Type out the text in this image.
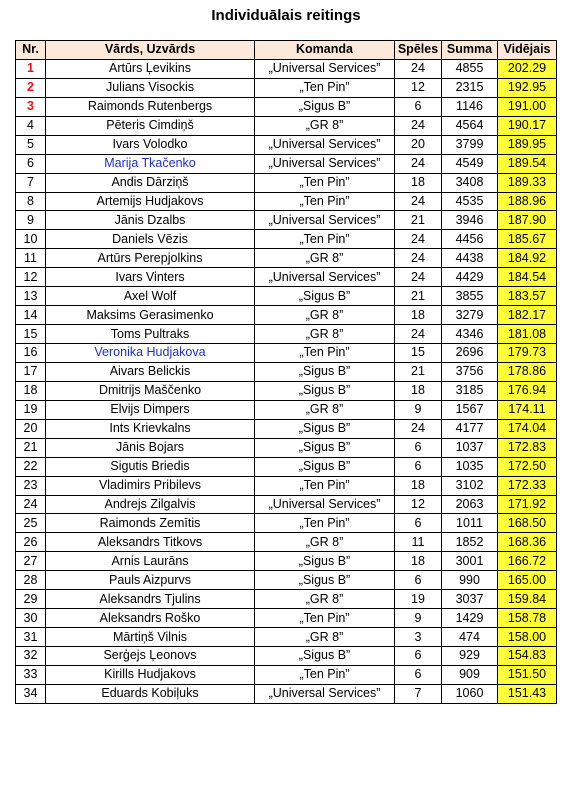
Individuālais reitings
Nr.	Vārds, Uzvārds	Komanda	Spēles	Summa	Vidējais
1	Artūrs Ļevikins	„Universal Services”	24	4855	202.29
2	Julians Visockis	„Ten Pin”	12	2315	192.95
3	Raimonds Rutenbergs	„Sigus B”	6	1146	191.00
4	Pēteris Cimdiņš	„GR 8”	24	4564	190.17
5	Ivars Volodko	„Universal Services”	20	3799	189.95
6	Marija Tkačenko	„Universal Services”	24	4549	189.54
7	Andis Dārziņš	„Ten Pin”	18	3408	189.33
8	Artemijs Hudjakovs	„Ten Pin”	24	4535	188.96
9	Jānis Dzalbs	„Universal Services”	21	3946	187.90
10	Daniels Vēzis	„Ten Pin”	24	4456	185.67
11	Artūrs Perepjolkins	„GR 8”	24	4438	184.92
12	Ivars Vinters	„Universal Services”	24	4429	184.54
13	Axel Wolf	„Sigus B”	21	3855	183.57
14	Maksims Gerasimenko	„GR 8”	18	3279	182.17
15	Toms Pultraks	„GR 8”	24	4346	181.08
16	Veronika Hudjakova	„Ten Pin”	15	2696	179.73
17	Aivars Belickis	„Sigus B”	21	3756	178.86
18	Dmitrijs Maščenko	„Sigus B”	18	3185	176.94
19	Elvijs Dimpers	„GR 8”	9	1567	174.11
20	Ints Krievkalns	„Sigus B”	24	4177	174.04
21	Jānis Bojars	„Sigus B”	6	1037	172.83
22	Sigutis Briedis	„Sigus B”	6	1035	172.50
23	Vladimirs Pribilevs	„Ten Pin”	18	3102	172.33
24	Andrejs Zilgalvis	„Universal Services”	12	2063	171.92
25	Raimonds Zemītis	„Ten Pin”	6	1011	168.50
26	Aleksandrs Titkovs	„GR 8”	11	1852	168.36
27	Arnis Laurāns	„Sigus B”	18	3001	166.72
28	Pauls Aizpurvs	„Sigus B”	6	990	165.00
29	Aleksandrs Tjulins	„GR 8”	19	3037	159.84
30	Aleksandrs Roško	„Ten Pin”	9	1429	158.78
31	Mārtiņš Vilnis	„GR 8”	3	474	158.00
32	Serģejs Ļeonovs	„Sigus B”	6	929	154.83
33	Kirills Hudjakovs	„Ten Pin”	6	909	151.50
34	Eduards Kobiļuks	„Universal Services”	7	1060	151.43
